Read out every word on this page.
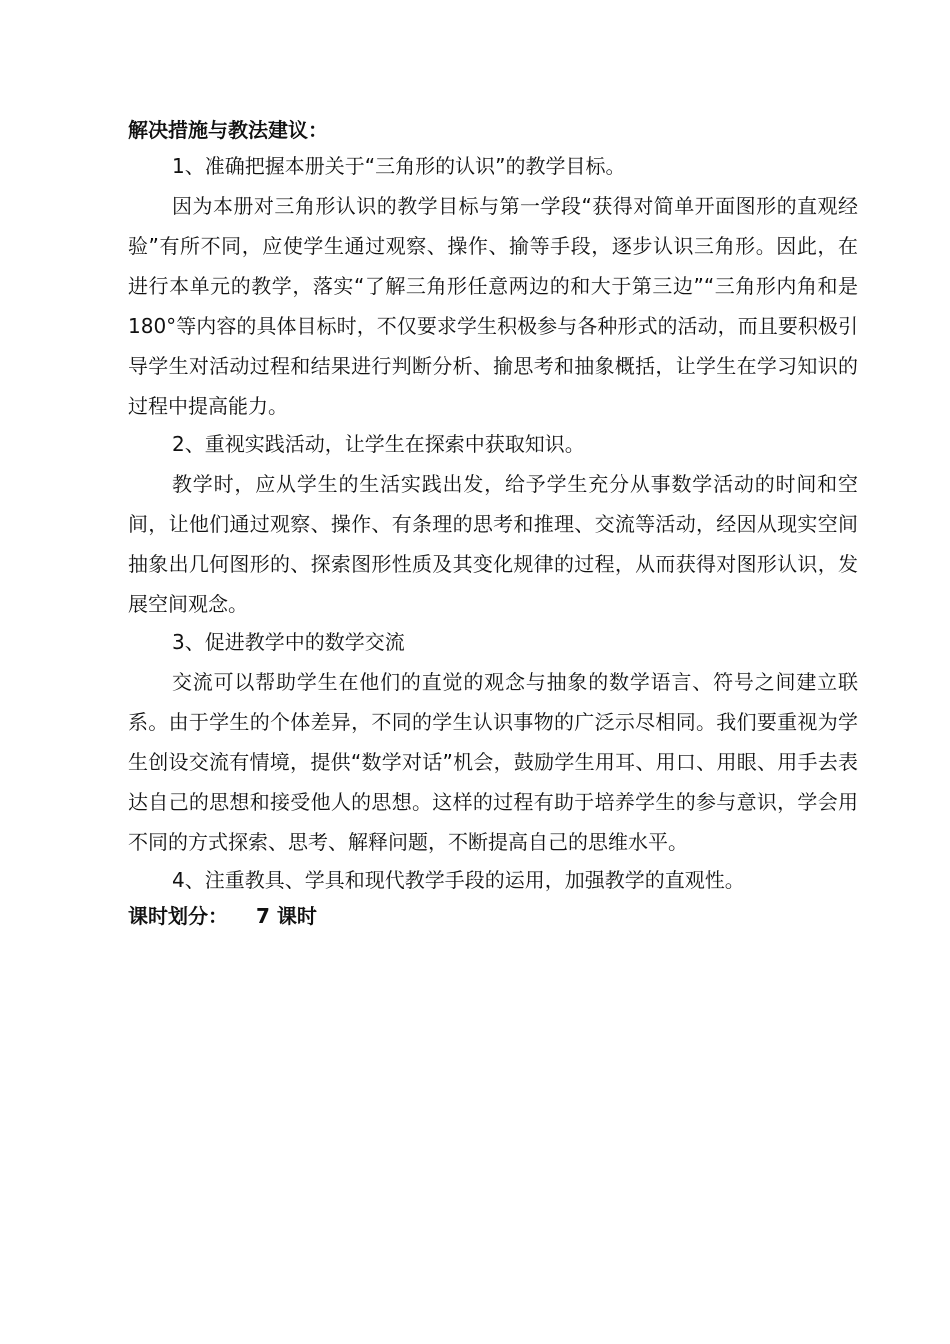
解决措施与教法建议：

1、准确把握本册关于“三角形的认识”的教学目标。

因为本册对三角形认识的教学目标与第一学段“获得对简单开面图形的直观经验”有所不同，应使学生通过观察、操作、揄等手段，逐步认识三角形。因此，在进行本单元的教学，落实“了解三角形任意两边的和大于第三边”“三角形内角和是180°等内容的具体目标时，不仅要求学生积极参与各种形式的活动，而且要积极引导学生对活动过程和结果进行判断分析、揄思考和抽象概括，让学生在学习知识的过程中提高能力。

2、重视实践活动，让学生在探索中获取知识。

教学时，应从学生的生活实践出发，给予学生充分从事数学活动的时间和空间，让他们通过观察、操作、有条理的思考和推理、交流等活动，经因从现实空间抽象出几何图形的、探索图形性质及其变化规律的过程，从而获得对图形认识，发展空间观念。

3、促进教学中的数学交流

交流可以帮助学生在他们的直觉的观念与抽象的数学语言、符号之间建立联系。由于学生的个体差异，不同的学生认识事物的广泛示尽相同。我们要重视为学生创设交流有情境，提供“数学对话”机会，鼓励学生用耳、用口、用眼、用手去表达自己的思想和接受他人的思想。这样的过程有助于培养学生的参与意识，学会用不同的方式探索、思考、解释问题，不断提高自己的思维水平。

4、注重教具、学具和现代教学手段的运用，加强教学的直观性。

课时划分： 7 课时
